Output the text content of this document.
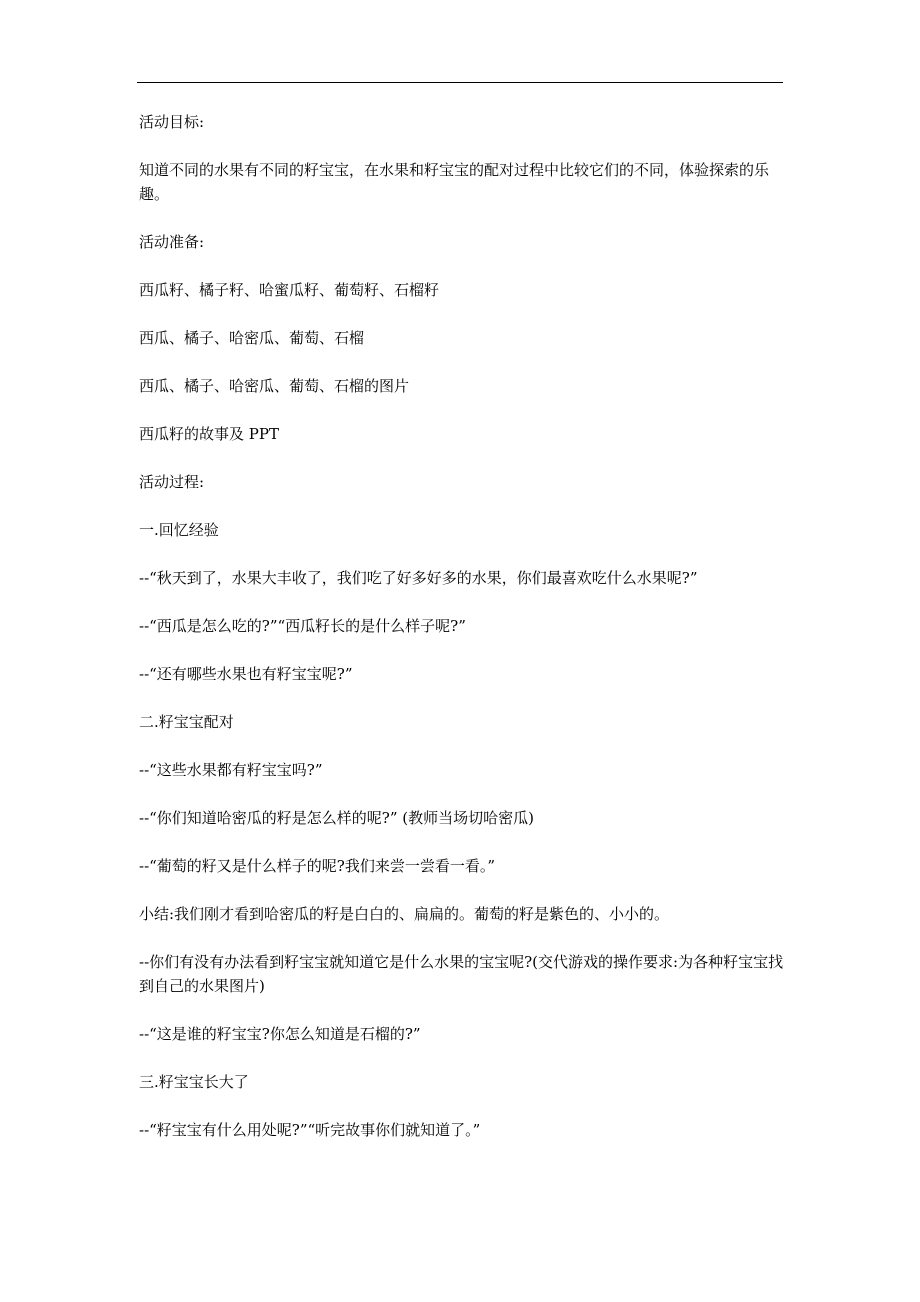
活动目标:

知道不同的水果有不同的籽宝宝，在水果和籽宝宝的配对过程中比较它们的不同，体验探索的乐趣。

活动准备:

西瓜籽、橘子籽、哈蜜瓜籽、葡萄籽、石榴籽

西瓜、橘子、哈密瓜、葡萄、石榴

西瓜、橘子、哈密瓜、葡萄、石榴的图片

西瓜籽的故事及 PPT

活动过程:

一.回忆经验

--“秋天到了，水果大丰收了，我们吃了好多好多的水果，你们最喜欢吃什么水果呢?”

--“西瓜是怎么吃的?”“西瓜籽长的是什么样子呢?”

--“还有哪些水果也有籽宝宝呢?”

二.籽宝宝配对

--“这些水果都有籽宝宝吗?”

--“你们知道哈密瓜的籽是怎么样的呢?” (教师当场切哈密瓜)

--“葡萄的籽又是什么样子的呢?我们来尝一尝看一看。”

小结:我们刚才看到哈密瓜的籽是白白的、扁扁的。葡萄的籽是紫色的、小小的。

--你们有没有办法看到籽宝宝就知道它是什么水果的宝宝呢?(交代游戏的操作要求:为各种籽宝宝找到自己的水果图片)

--“这是谁的籽宝宝?你怎么知道是石榴的?”

三.籽宝宝长大了

--“籽宝宝有什么用处呢?”“听完故事你们就知道了。”
